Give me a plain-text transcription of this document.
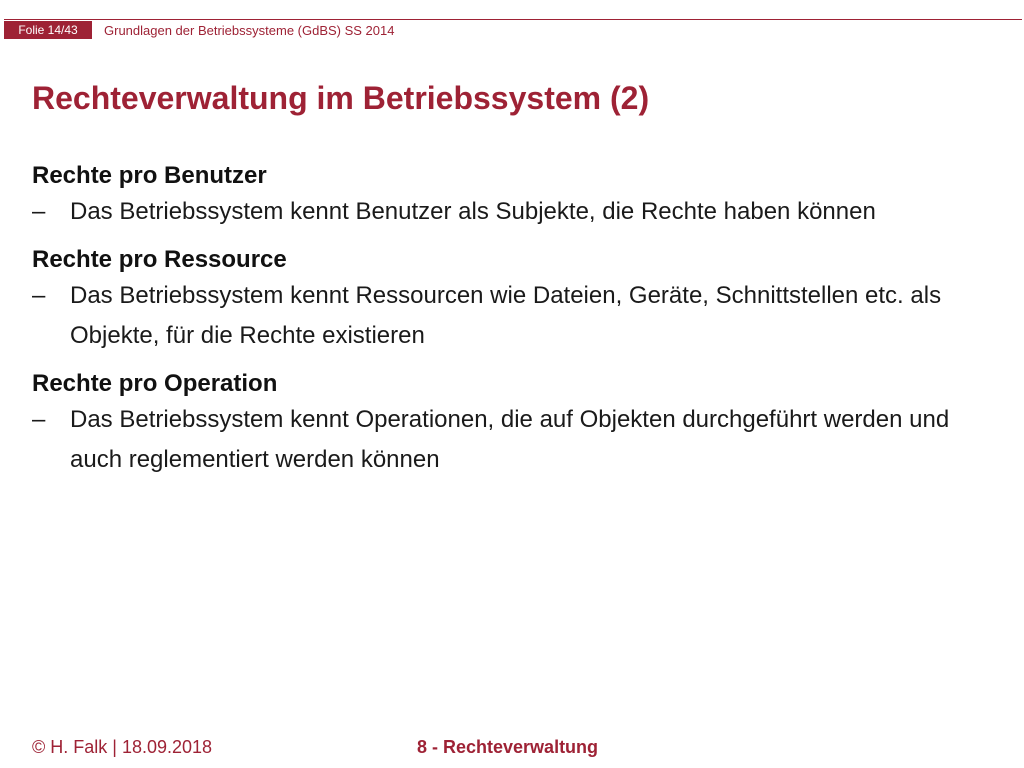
Folie 14/43	Grundlagen der Betriebssysteme (GdBS) SS 2014
Rechteverwaltung im Betriebssystem (2)
Rechte pro Benutzer
–	Das Betriebssystem kennt Benutzer als Subjekte, die Rechte haben können
Rechte pro Ressource
–	Das Betriebssystem kennt Ressourcen wie Dateien, Geräte, Schnittstellen etc. als Objekte, für die Rechte existieren
Rechte pro Operation
–	Das Betriebssystem kennt Operationen, die auf Objekten durchgeführt werden und auch reglementiert werden können
© H. Falk | 18.09.2018	8 - Rechteverwaltung
